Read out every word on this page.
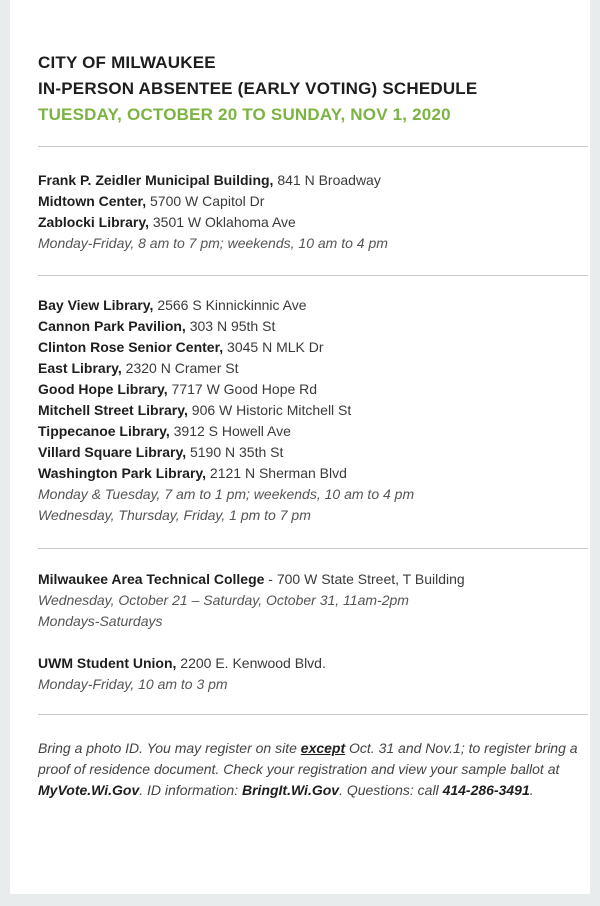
CITY OF MILWAUKEE
IN-PERSON ABSENTEE (EARLY VOTING) SCHEDULE
TUESDAY, OCTOBER 20 TO SUNDAY, NOV 1, 2020
Frank P. Zeidler Municipal Building, 841 N Broadway
Midtown Center, 5700 W Capitol Dr
Zablocki Library, 3501 W Oklahoma Ave
Monday-Friday, 8 am to 7 pm; weekends, 10 am to 4 pm
Bay View Library, 2566 S Kinnickinnic Ave
Cannon Park Pavilion, 303 N 95th St
Clinton Rose Senior Center, 3045 N MLK Dr
East Library, 2320 N Cramer St
Good Hope Library, 7717 W Good Hope Rd
Mitchell Street Library, 906 W Historic Mitchell St
Tippecanoe Library, 3912 S Howell Ave
Villard Square Library, 5190 N 35th St
Washington Park Library, 2121 N Sherman Blvd
Monday & Tuesday, 7 am to 1 pm; weekends, 10 am to 4 pm
Wednesday, Thursday, Friday, 1 pm to 7 pm
Milwaukee Area Technical College - 700 W State Street, T Building
Wednesday, October 21 – Saturday, October 31, 11am-2pm
Mondays-Saturdays
UWM Student Union, 2200 E. Kenwood Blvd.
Monday-Friday, 10 am to 3 pm
Bring a photo ID. You may register on site except Oct. 31 and Nov.1; to register bring a proof of residence document. Check your registration and view your sample ballot at MyVote.Wi.Gov. ID information: BringIt.Wi.Gov. Questions: call 414-286-3491.
